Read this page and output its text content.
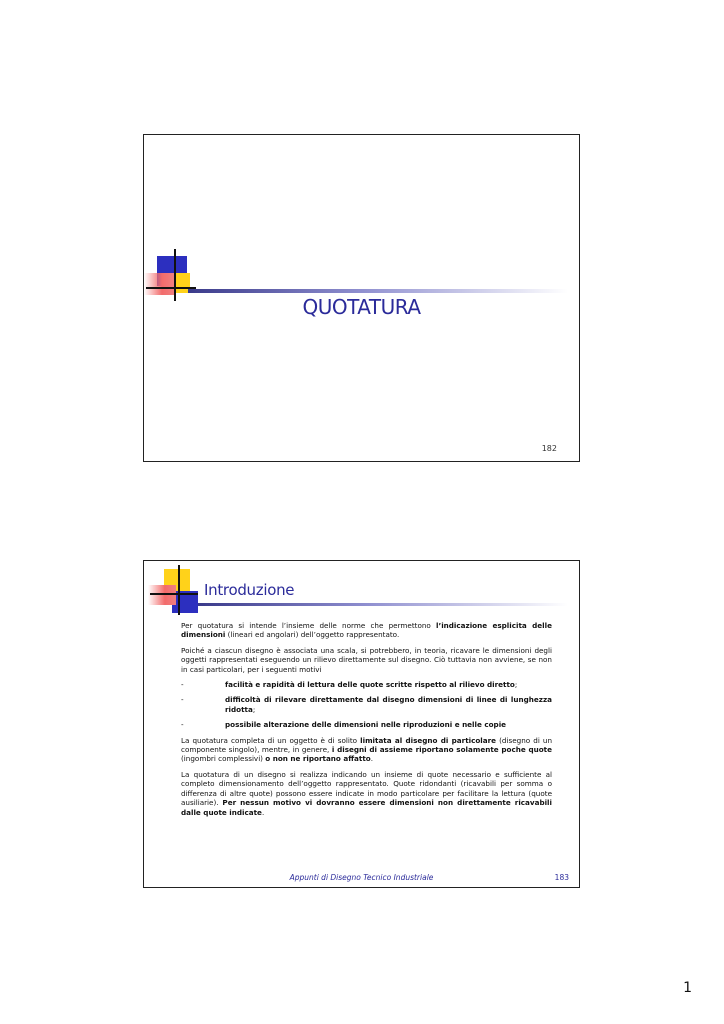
QUOTATURA
182
Introduzione

Per quotatura si intende l’insieme delle norme che permettono l’indicazione esplicita delle dimensioni (lineari ed angolari) dell’oggetto rappresentato.

Poiché a ciascun disegno è associata una scala, si potrebbero, in teoria, ricavare le dimensioni degli oggetti rappresentati eseguendo un rilievo direttamente sul disegno. Ciò tuttavia non avviene, se non in casi particolari, per i seguenti motivi

-	facilità e rapidità di lettura delle quote scritte rispetto al rilievo diretto;
-	difficoltà di rilevare direttamente dal disegno dimensioni di linee di lunghezza ridotta;
-	possibile alterazione delle dimensioni nelle riproduzioni e nelle copie

La quotatura completa di un oggetto è di solito limitata al disegno di particolare (disegno di un componente singolo), mentre, in genere, i disegni di assieme riportano solamente poche quote (ingombri complessivi) o non ne riportano affatto.

La quotatura di un disegno si realizza indicando un insieme di quote necessario e sufficiente al completo dimensionamento dell’oggetto rappresentato. Quote ridondanti (ricavabili per somma o differenza di altre quote) possono essere indicate in modo particolare per facilitare la lettura (quote ausiliarie). Per nessun motivo vi dovranno essere dimensioni non direttamente ricavabili dalle quote indicate.

Appunti di Disegno Tecnico Industriale	183
1
